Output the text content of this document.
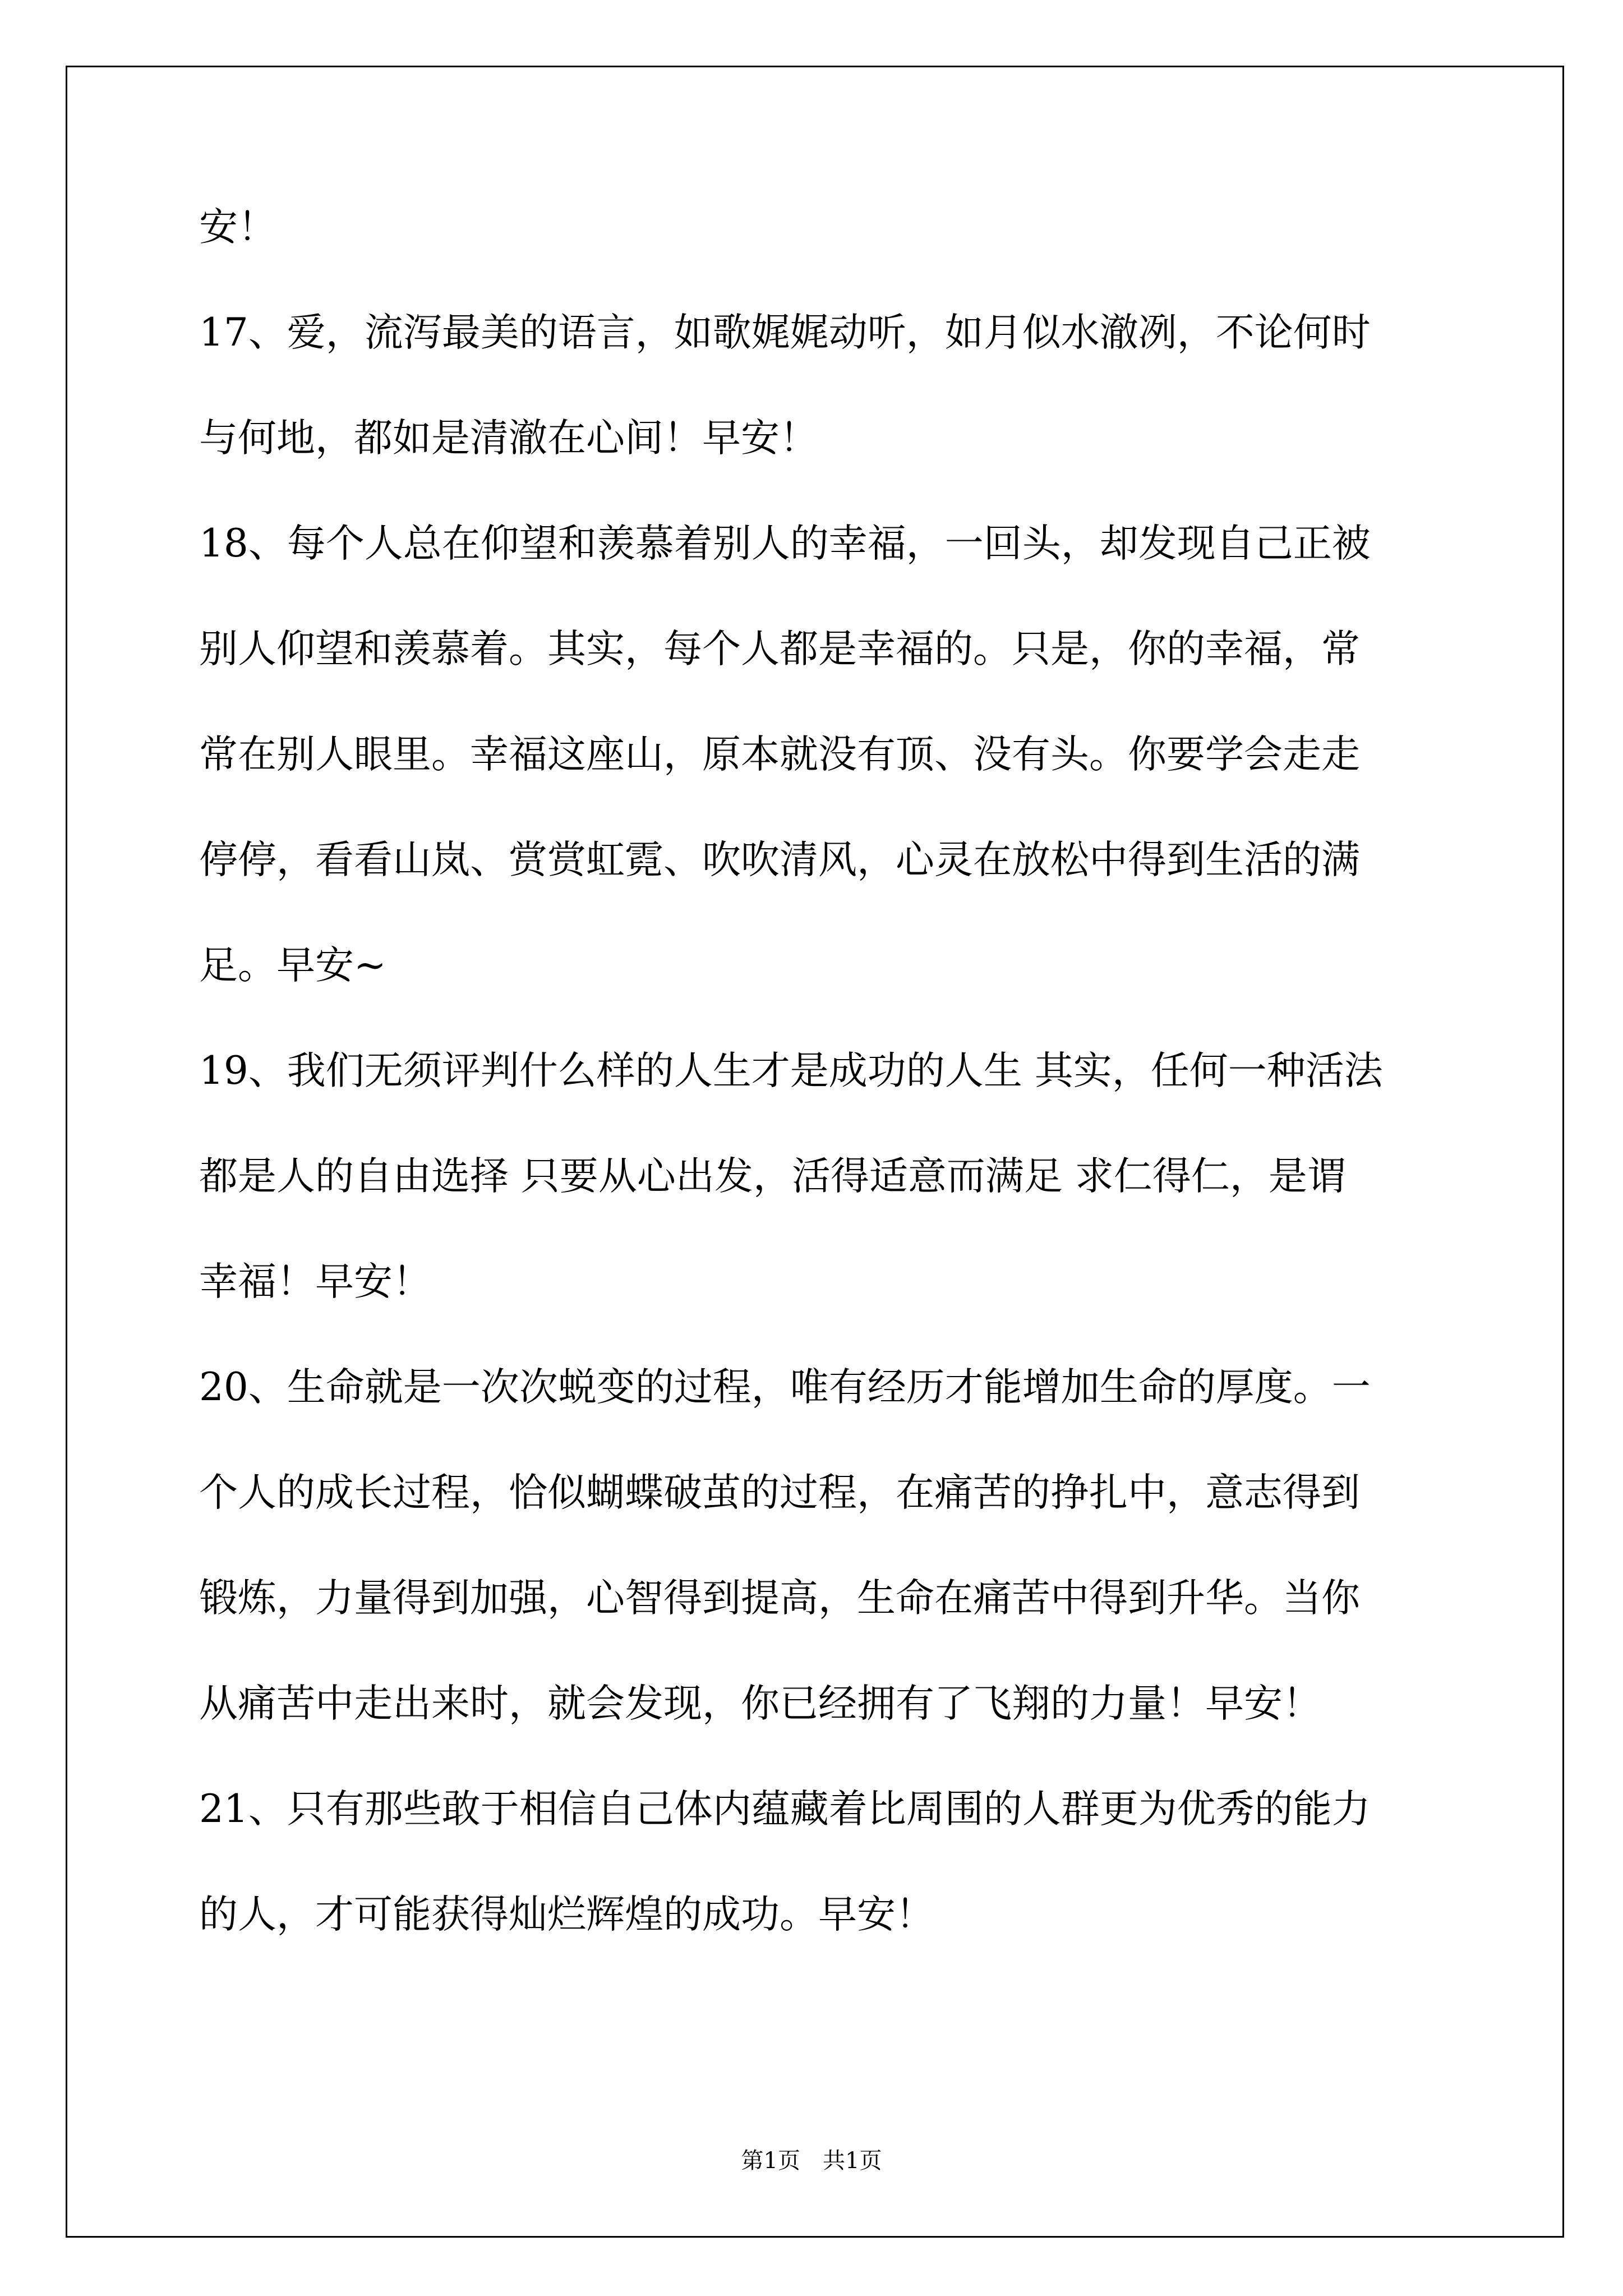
安！
17、爱，流泻最美的语言，如歌娓娓动听，如月似水澈冽，不论何时
与何地，都如是清澈在心间！早安！
18、每个人总在仰望和羡慕着别人的幸福，一回头，却发现自己正被
别人仰望和羡慕着。其实，每个人都是幸福的。只是，你的幸福，常
常在别人眼里。幸福这座山，原本就没有顶、没有头。你要学会走走
停停，看看山岚、赏赏虹霓、吹吹清风，心灵在放松中得到生活的满
足。早安~
19、我们无须评判什么样的人生才是成功的人生 其实，任何一种活法
都是人的自由选择 只要从心出发，活得适意而满足 求仁得仁，是谓
幸福！早安！
20、生命就是一次次蜕变的过程，唯有经历才能增加生命的厚度。一
个人的成长过程，恰似蝴蝶破茧的过程，在痛苦的挣扎中，意志得到
锻炼，力量得到加强，心智得到提高，生命在痛苦中得到升华。当你
从痛苦中走出来时，就会发现，你已经拥有了飞翔的力量！早安！
21、只有那些敢于相信自己体内蕴藏着比周围的人群更为优秀的能力
的人，才可能获得灿烂辉煌的成功。早安！
第1页　共1页
